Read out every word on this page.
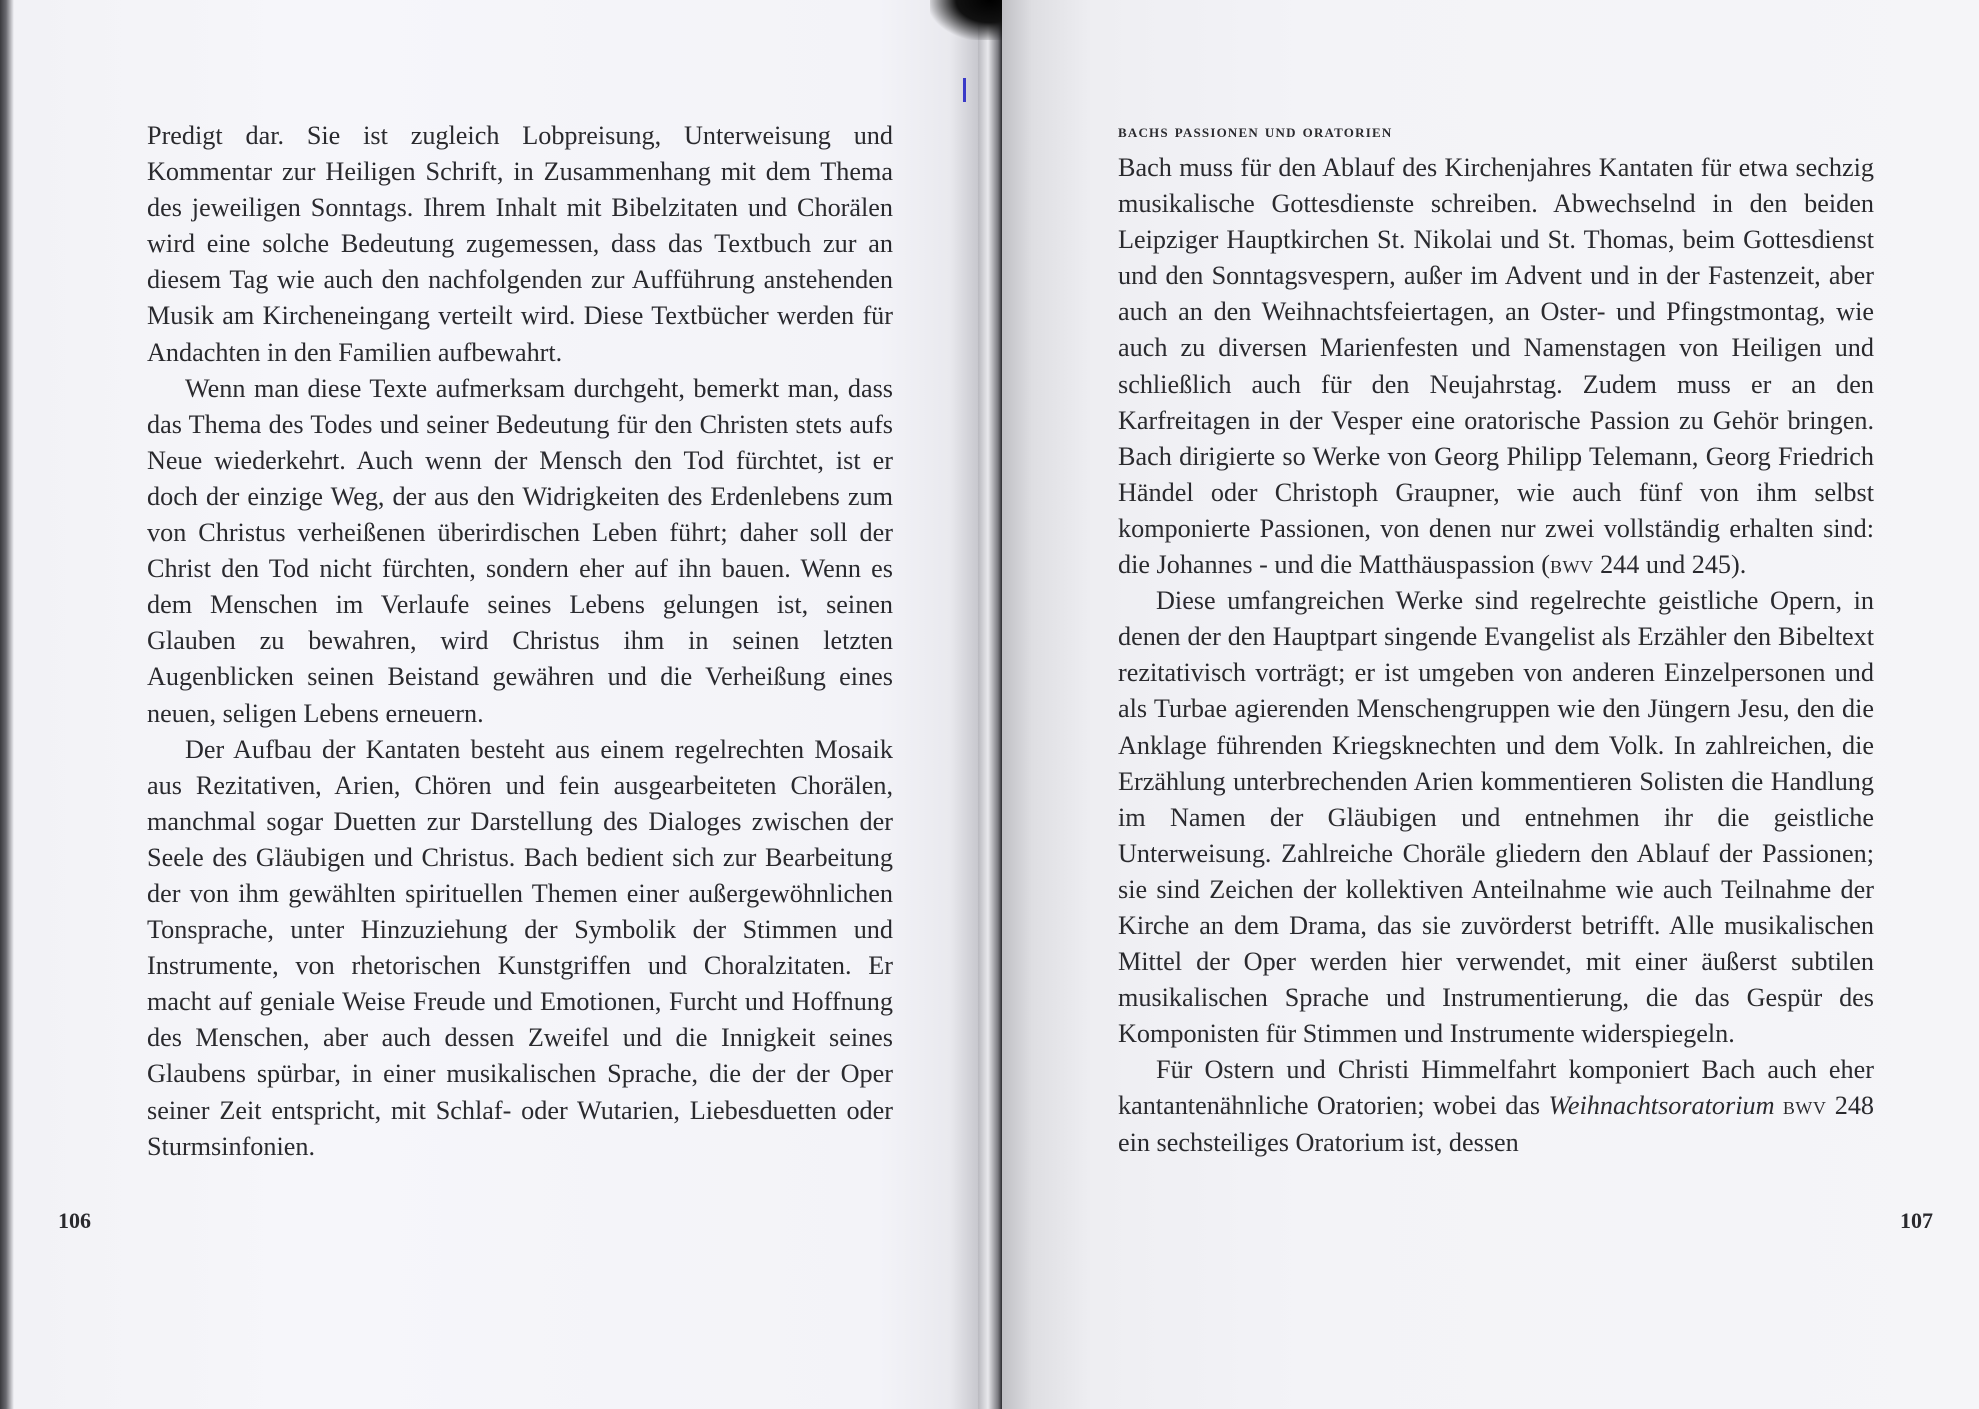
Predigt dar. Sie ist zugleich Lobpreisung, Unterweisung und Kommentar zur Heiligen Schrift, in Zusammenhang mit dem Thema des jeweiligen Sonntags. Ihrem Inhalt mit Bibelzitaten und Chorälen wird eine solche Bedeutung zugemessen, dass das Textbuch zur an diesem Tag wie auch den nachfolgenden zur Aufführung anstehenden Musik am Kircheneingang verteilt wird. Diese Textbücher werden für Andachten in den Familien aufbewahrt.

Wenn man diese Texte aufmerksam durchgeht, bemerkt man, dass das Thema des Todes und seiner Bedeutung für den Christen stets aufs Neue wiederkehrt. Auch wenn der Mensch den Tod fürchtet, ist er doch der einzige Weg, der aus den Widrigkeiten des Erdenlebens zum von Christus verheißenen überirdischen Leben führt; daher soll der Christ den Tod nicht fürchten, sondern eher auf ihn bauen. Wenn es dem Menschen im Verlaufe seines Lebens gelungen ist, seinen Glauben zu bewahren, wird Christus ihm in seinen letzten Augenblicken seinen Beistand gewähren und die Verheißung eines neuen, seligen Lebens erneuern.

Der Aufbau der Kantaten besteht aus einem regelrechten Mosaik aus Rezitativen, Arien, Chören und fein ausgearbeiteten Chorälen, manchmal sogar Duetten zur Darstellung des Dialoges zwischen der Seele des Gläubigen und Christus. Bach bedient sich zur Bearbeitung der von ihm gewählten spirituellen Themen einer außergewöhnlichen Tonsprache, unter Hinzuziehung der Symbolik der Stimmen und Instrumente, von rhetorischen Kunstgriffen und Choralzitaten. Er macht auf geniale Weise Freude und Emotionen, Furcht und Hoffnung des Menschen, aber auch dessen Zweifel und die Innigkeit seines Glaubens spürbar, in einer musikalischen Sprache, die der der Oper seiner Zeit entspricht, mit Schlaf- oder Wutarien, Liebesduetten oder Sturmsinfonien.

106
bachs passionen und oratorien

Bach muss für den Ablauf des Kirchenjahres Kantaten für etwa sechzig musikalische Gottesdienste schreiben. Abwechselnd in den beiden Leipziger Hauptkirchen St. Nikolai und St. Thomas, beim Gottesdienst und den Sonntagsvespern, außer im Advent und in der Fastenzeit, aber auch an den Weihnachtsfeiertagen, an Oster- und Pfingstmontag, wie auch zu diversen Marienfesten und Namenstagen von Heiligen und schließlich auch für den Neujahrstag. Zudem muss er an den Karfreitagen in der Vesper eine oratorische Passion zu Gehör bringen. Bach dirigierte so Werke von Georg Philipp Telemann, Georg Friedrich Händel oder Christoph Graupner, wie auch fünf von ihm selbst komponierte Passionen, von denen nur zwei vollständig erhalten sind: die Johannes - und die Matthäuspassion (bwv 244 und 245).

Diese umfangreichen Werke sind regelrechte geistliche Opern, in denen der den Hauptpart singende Evangelist als Erzähler den Bibeltext rezitativisch vorträgt; er ist umgeben von anderen Einzelpersonen und als Turbae agierenden Menschengruppen wie den Jüngern Jesu, den die Anklage führenden Kriegsknechten und dem Volk. In zahlreichen, die Erzählung unterbrechenden Arien kommentieren Solisten die Handlung im Namen der Gläubigen und entnehmen ihr die geistliche Unterweisung. Zahlreiche Choräle gliedern den Ablauf der Passionen; sie sind Zeichen der kollektiven Anteilnahme wie auch Teilnahme der Kirche an dem Drama, das sie zuvörderst betrifft. Alle musikalischen Mittel der Oper werden hier verwendet, mit einer äußerst subtilen musikalischen Sprache und Instrumentierung, die das Gespür des Komponisten für Stimmen und Instrumente widerspiegeln.

Für Ostern und Christi Himmelfahrt komponiert Bach auch eher kantantenähnliche Oratorien; wobei das Weihnachtsoratorium bwv 248 ein sechsteiliges Oratorium ist, dessen

107
